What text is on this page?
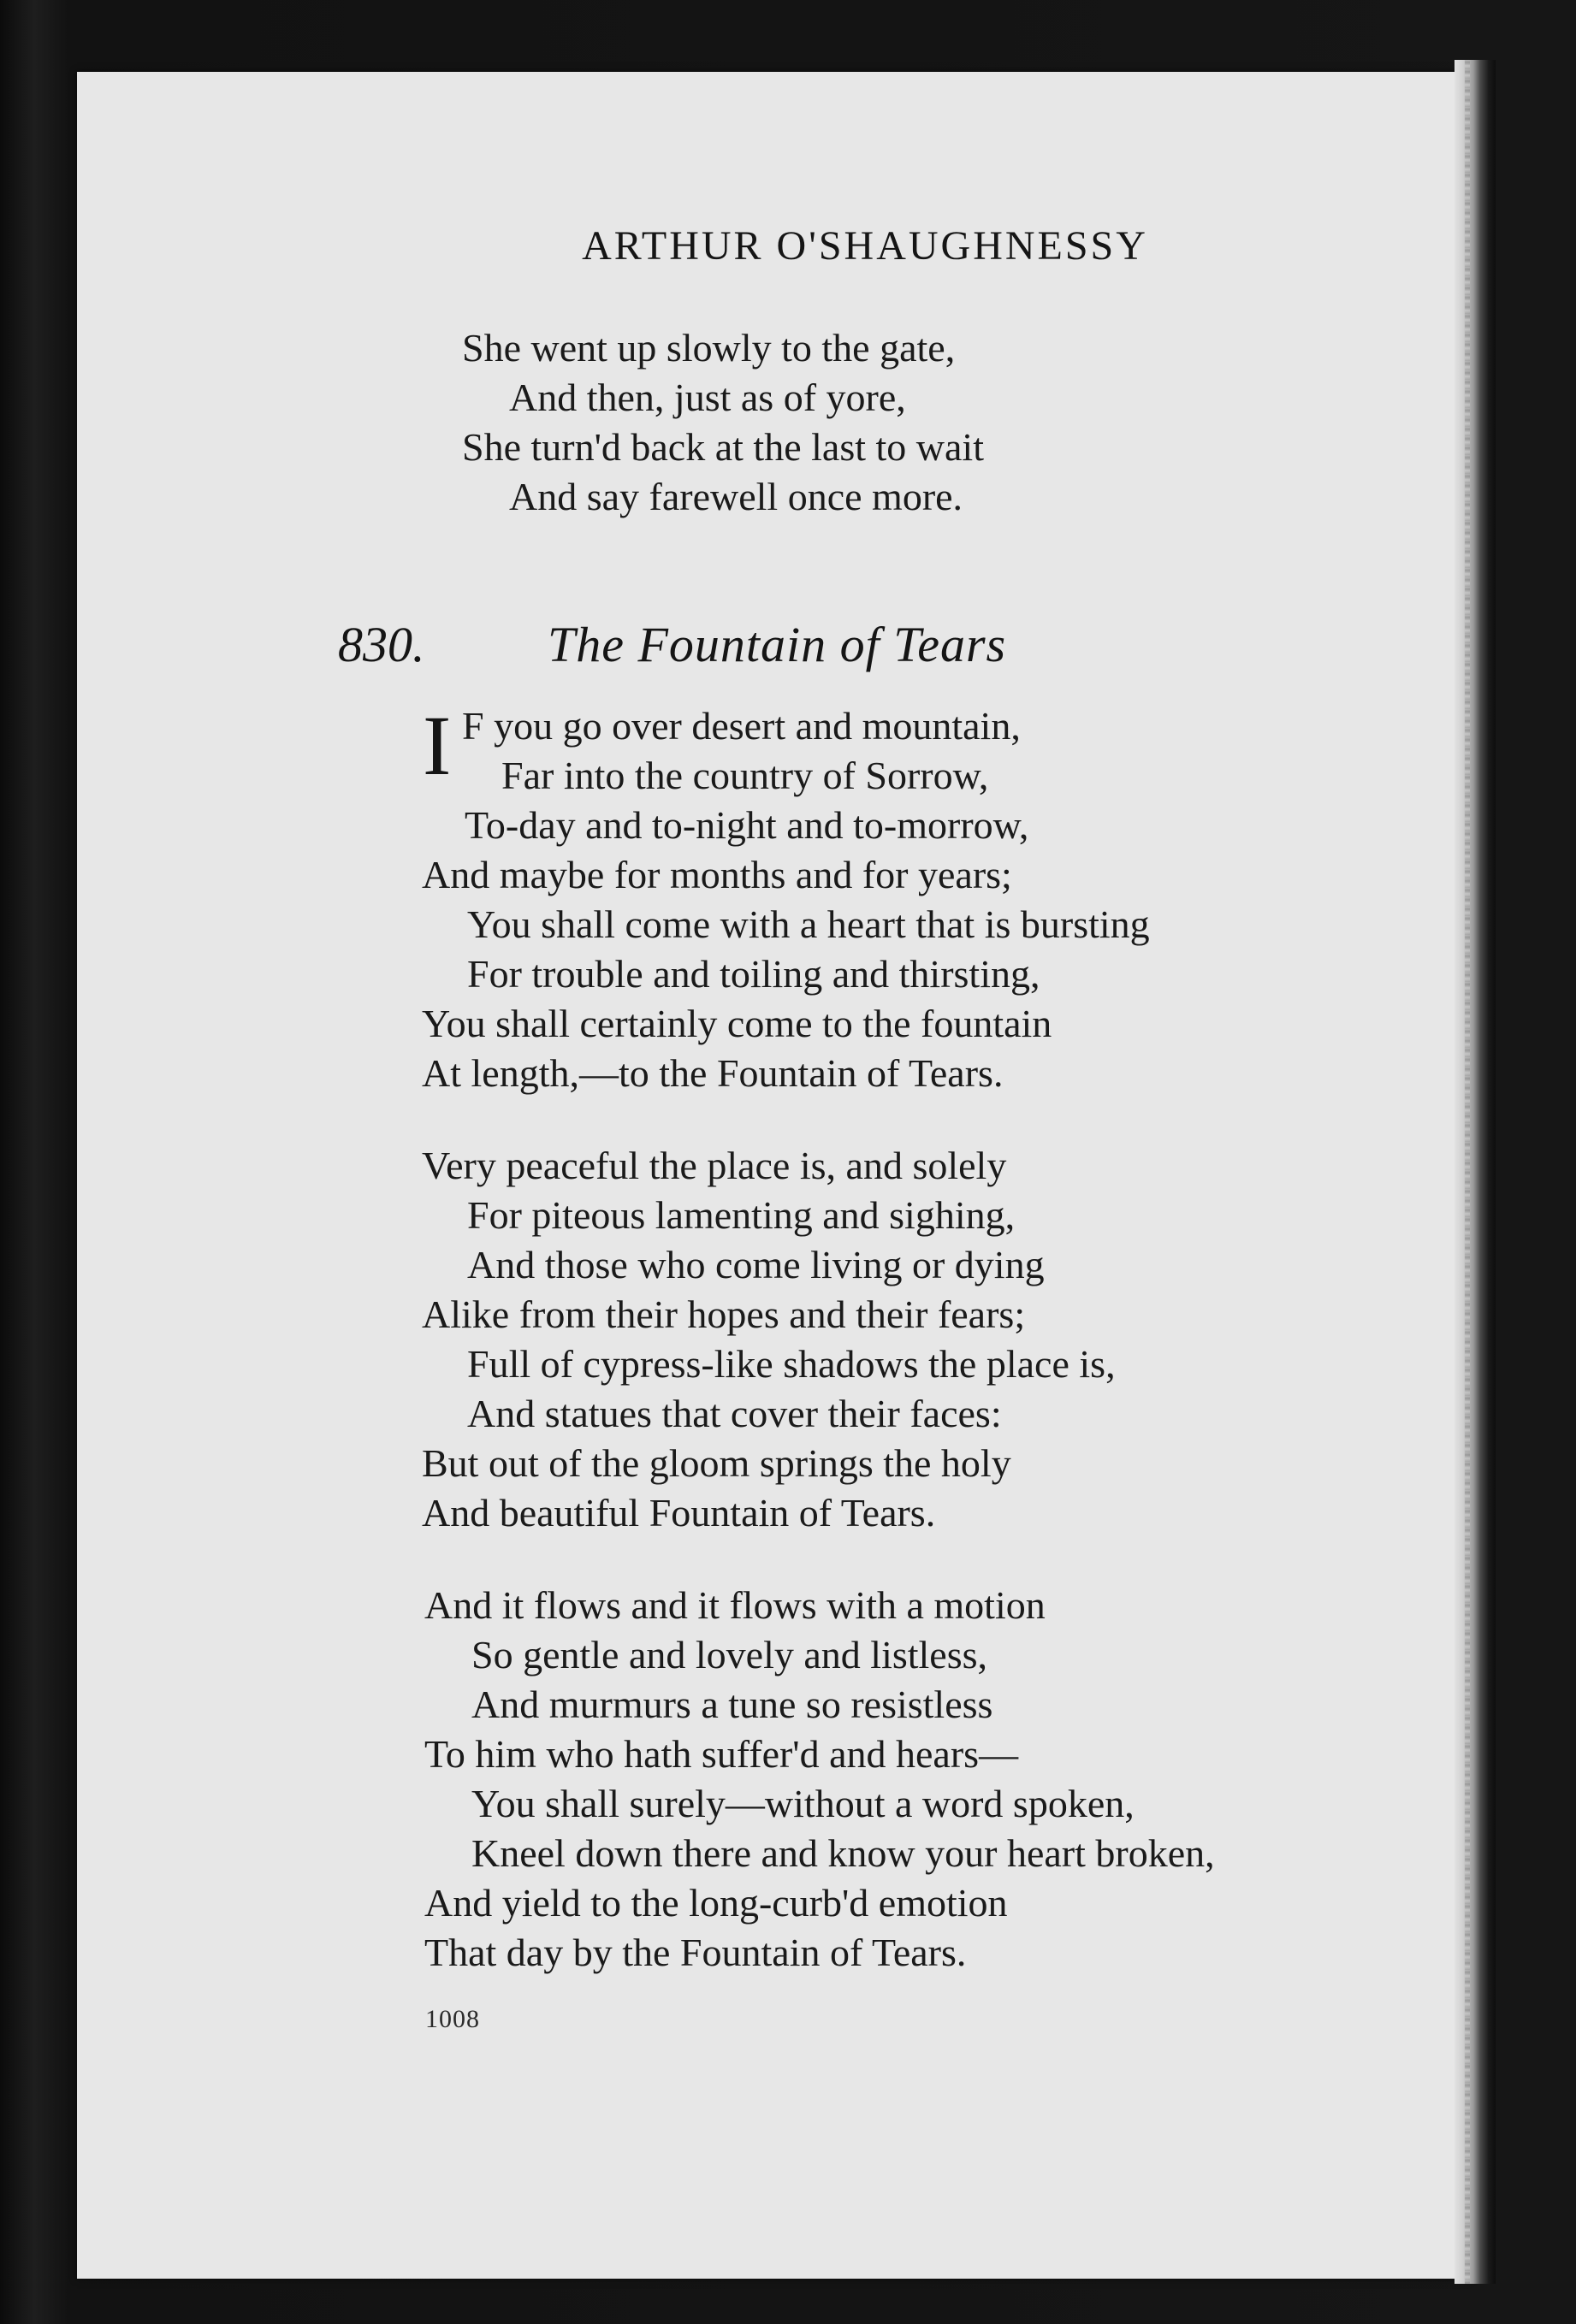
ARTHUR O'SHAUGHNESSY
She went up slowly to the gate,
And then, just as of yore,
She turn'd back at the last to wait
And say farewell once more.
830. The Fountain of Tears
I F you go over desert and mountain,
Far into the country of Sorrow,
To-day and to-night and to-morrow,
And maybe for months and for years;
You shall come with a heart that is bursting
For trouble and toiling and thirsting,
You shall certainly come to the fountain
At length,—to the Fountain of Tears.
Very peaceful the place is, and solely
For piteous lamenting and sighing,
And those who come living or dying
Alike from their hopes and their fears;
Full of cypress-like shadows the place is,
And statues that cover their faces:
But out of the gloom springs the holy
And beautiful Fountain of Tears.
And it flows and it flows with a motion
So gentle and lovely and listless,
And murmurs a tune so resistless
To him who hath suffer'd and hears—
You shall surely—without a word spoken,
Kneel down there and know your heart broken,
And yield to the long-curb'd emotion
That day by the Fountain of Tears.
1008
